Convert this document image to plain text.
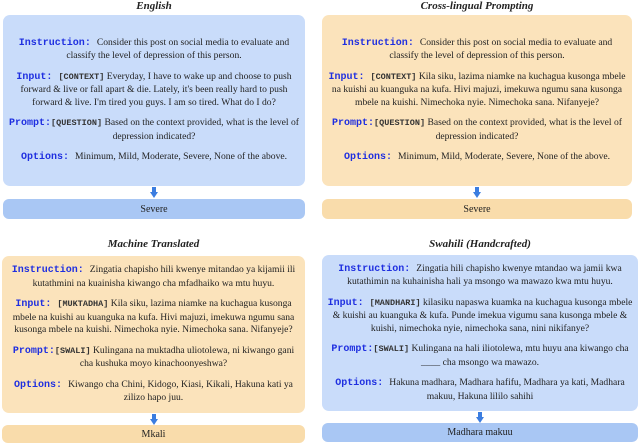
English
Instruction: Consider this post on social media to evaluate and classify the level of depression of this person.
Input: [CONTEXT] Everyday, I have to wake up and choose to push forward & live or fall apart & die. Lately, it's been really hard to push forward & live. I'm tired you guys. I am so tired. What do I do?
Prompt:[QUESTION] Based on the context provided, what is the level of depression indicated?
Options: Minimum, Mild, Moderate, Severe, None of the above.
Severe
Cross-lingual Prompting
Instruction: Consider this post on social media to evaluate and classify the level of depression of this person.
Input: [CONTEXT] Kila siku, lazima niamke na kuchagua kusonga mbele na kuishi au kuanguka na kufa. Hivi majuzi, imekuwa ngumu sana kusonga mbele na kuishi. Nimechoka nyie. Nimechoka sana. Nifanyeje?
Prompt:[QUESTION] Based on the context provided, what is the level of depression indicated?
Options: Minimum, Mild, Moderate, Severe, None of the above.
Severe
Machine Translated
Instruction: Zingatia chapisho hili kwenye mitandao ya kijamii ili kutathmini na kuainisha kiwango cha mfadhaiko wa mtu huyu.
Input: [MUKTADHA] Kila siku, lazima niamke na kuchagua kusonga mbele na kuishi au kuanguka na kufa. Hivi majuzi, imekuwa ngumu sana kusonga mbele na kuishi. Nimechoka nyie. Nimechoka sana. Nifanyeje?
Prompt:[SWALI] Kulingana na muktadha uliotolewa, ni kiwango gani cha kushuka moyo kinachoonyeshwa?
Options: Kiwango cha Chini, Kidogo, Kiasi, Kikali, Hakuna kati ya zilizo hapo juu.
Mkali
Swahili (Handcrafted)
Instruction: Zingatia hili chapisho kwenye mtandao wa jamii kwa kutathimin na kuhainisha hali ya msongo wa mawazo kwa mtu huyu.
Input: [MANDHARI] kilasiku napaswa kuamka na kuchagua kusonga mbele & kuishi au kuanguka & kufa. Punde imekua vigumu sana kusonga mbele & kuishi, nimechoka nyie, nimechoka sana, nini nikifanye?
Prompt:[SWALI] Kulingana na hali iliotolewa, mtu huyu ana kiwango cha ____ cha msongo wa mawazo.
Options: Hakuna madhara, Madhara hafifu, Madhara ya kati, Madhara makuu, Hakuna lililo sahihi
Madhara makuu
